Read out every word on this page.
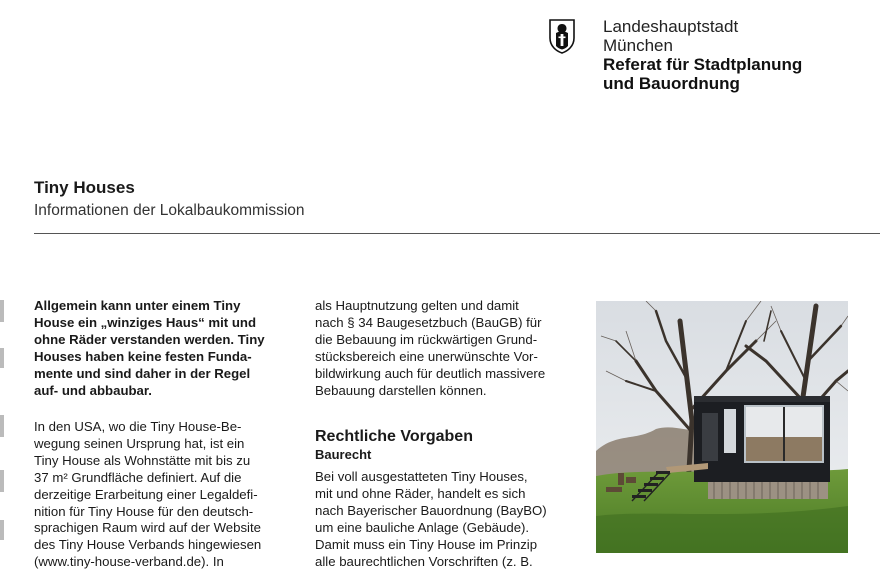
Landeshauptstadt
München
Referat für Stadtplanung
und Bauordnung
Tiny Houses
Informationen der Lokalbaukommission
Allgemein kann unter einem Tiny
House ein „winziges Haus“ mit und
ohne Räder verstanden werden. Tiny
Houses haben keine festen Funda-
mente und sind daher in der Regel
auf- und abbaubar.
In den USA, wo die Tiny House-Be-
wegung seinen Ursprung hat, ist ein
Tiny House als Wohnstätte mit bis zu
37 m² Grundfläche definiert. Auf die
derzeitige Erarbeitung einer Legaldefi-
nition für Tiny House für den deutsch-
sprachigen Raum wird auf der Website
des Tiny House Verbands hingewiesen
(www.tiny-house-verband.de). In
als Hauptnutzung gelten und damit
nach § 34 Baugesetzbuch (BauGB) für
die Bebauung im rückwärtigen Grund-
stücksbereich eine unerwünschte Vor-
bildwirkung auch für deutlich massivere
Bebauung darstellen können.
Rechtliche Vorgaben
Baurecht
Bei voll ausgestatteten Tiny Houses,
mit und ohne Räder, handelt es sich
nach Bayerischer Bauordnung (BayBO)
um eine bauliche Anlage (Gebäude).
Damit muss ein Tiny House im Prinzip
alle baurechtlichen Vorschriften (z. B.
